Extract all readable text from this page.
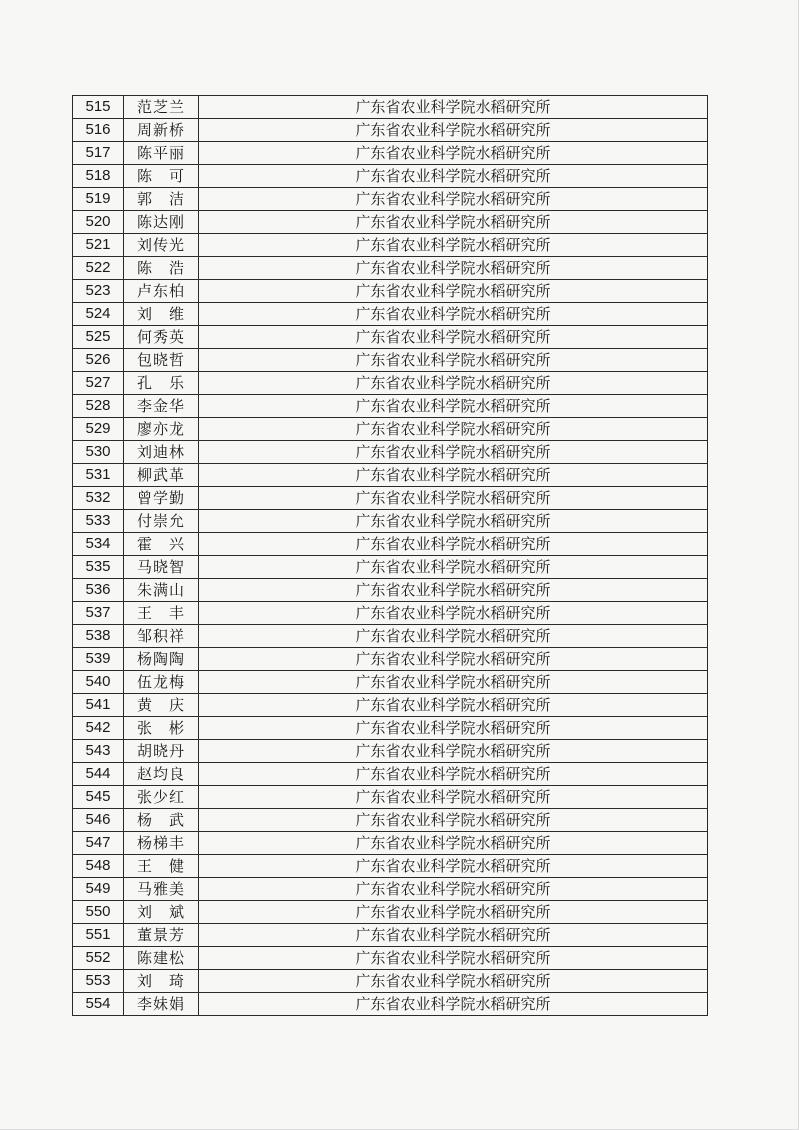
515	范芝兰	广东省农业科学院水稻研究所
516	周新桥	广东省农业科学院水稻研究所
517	陈平丽	广东省农业科学院水稻研究所
518	陈　可	广东省农业科学院水稻研究所
519	郭　洁	广东省农业科学院水稻研究所
520	陈达刚	广东省农业科学院水稻研究所
521	刘传光	广东省农业科学院水稻研究所
522	陈　浩	广东省农业科学院水稻研究所
523	卢东柏	广东省农业科学院水稻研究所
524	刘　维	广东省农业科学院水稻研究所
525	何秀英	广东省农业科学院水稻研究所
526	包晓哲	广东省农业科学院水稻研究所
527	孔　乐	广东省农业科学院水稻研究所
528	李金华	广东省农业科学院水稻研究所
529	廖亦龙	广东省农业科学院水稻研究所
530	刘迪林	广东省农业科学院水稻研究所
531	柳武革	广东省农业科学院水稻研究所
532	曾学勤	广东省农业科学院水稻研究所
533	付崇允	广东省农业科学院水稻研究所
534	霍　兴	广东省农业科学院水稻研究所
535	马晓智	广东省农业科学院水稻研究所
536	朱满山	广东省农业科学院水稻研究所
537	王　丰	广东省农业科学院水稻研究所
538	邹积祥	广东省农业科学院水稻研究所
539	杨陶陶	广东省农业科学院水稻研究所
540	伍龙梅	广东省农业科学院水稻研究所
541	黄　庆	广东省农业科学院水稻研究所
542	张　彬	广东省农业科学院水稻研究所
543	胡晓丹	广东省农业科学院水稻研究所
544	赵均良	广东省农业科学院水稻研究所
545	张少红	广东省农业科学院水稻研究所
546	杨　武	广东省农业科学院水稻研究所
547	杨梯丰	广东省农业科学院水稻研究所
548	王　健	广东省农业科学院水稻研究所
549	马雅美	广东省农业科学院水稻研究所
550	刘　斌	广东省农业科学院水稻研究所
551	董景芳	广东省农业科学院水稻研究所
552	陈建松	广东省农业科学院水稻研究所
553	刘　琦	广东省农业科学院水稻研究所
554	李妹娟	广东省农业科学院水稻研究所
